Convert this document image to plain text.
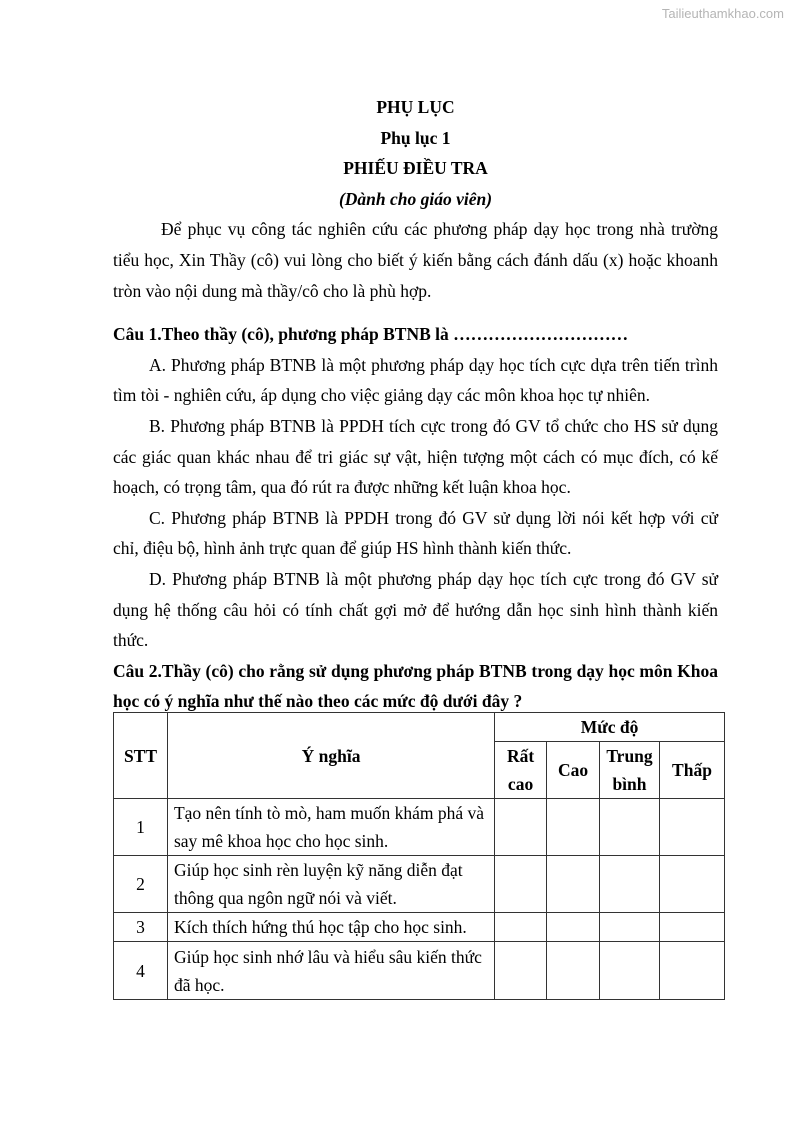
Tailieuthamkhao.com
PHỤ LỤC
Phụ lục 1
PHIẾU ĐIỀU TRA
(Dành cho giáo viên)

Để phục vụ công tác nghiên cứu các phương pháp dạy học trong nhà trường tiểu học, Xin Thầy (cô) vui lòng cho biết ý kiến bằng cách đánh dấu (x) hoặc khoanh tròn vào nội dung mà thầy/cô cho là phù hợp.

Câu 1.Theo thầy (cô), phương pháp BTNB là …………………………

A. Phương pháp BTNB là một phương pháp dạy học tích cực dựa trên tiến trình tìm tòi - nghiên cứu, áp dụng cho việc giảng dạy các môn khoa học tự nhiên.

B. Phương pháp BTNB là PPDH tích cực trong đó GV tổ chức cho HS sử dụng các giác quan khác nhau để tri giác sự vật, hiện tượng một cách có mục đích, có kế hoạch, có trọng tâm, qua đó rút ra được những kết luận khoa học.

C. Phương pháp BTNB là PPDH trong đó GV sử dụng lời nói kết hợp với cử chỉ, điệu bộ, hình ảnh trực quan để giúp HS hình thành kiến thức.

D. Phương pháp BTNB là một phương pháp dạy học tích cực trong đó GV sử dụng hệ thống câu hỏi có tính chất gợi mở để hướng dẫn học sinh hình thành kiến thức.

Câu 2.Thầy (cô) cho rằng sử dụng phương pháp BTNB trong dạy học môn Khoa học có ý nghĩa như thế nào theo các mức độ dưới đây ?

STT	Ý nghĩa	Mức độ			
		Rất cao	Cao	Trung bình	Thấp
1	Tạo nên tính tò mò, ham muốn khám phá và say mê khoa học cho học sinh.				
2	Giúp học sinh rèn luyện kỹ năng diễn đạt thông qua ngôn ngữ nói và viết.				
3	Kích thích hứng thú học tập cho học sinh.				
4	Giúp học sinh nhớ lâu và hiểu sâu kiến thức đã học.				
